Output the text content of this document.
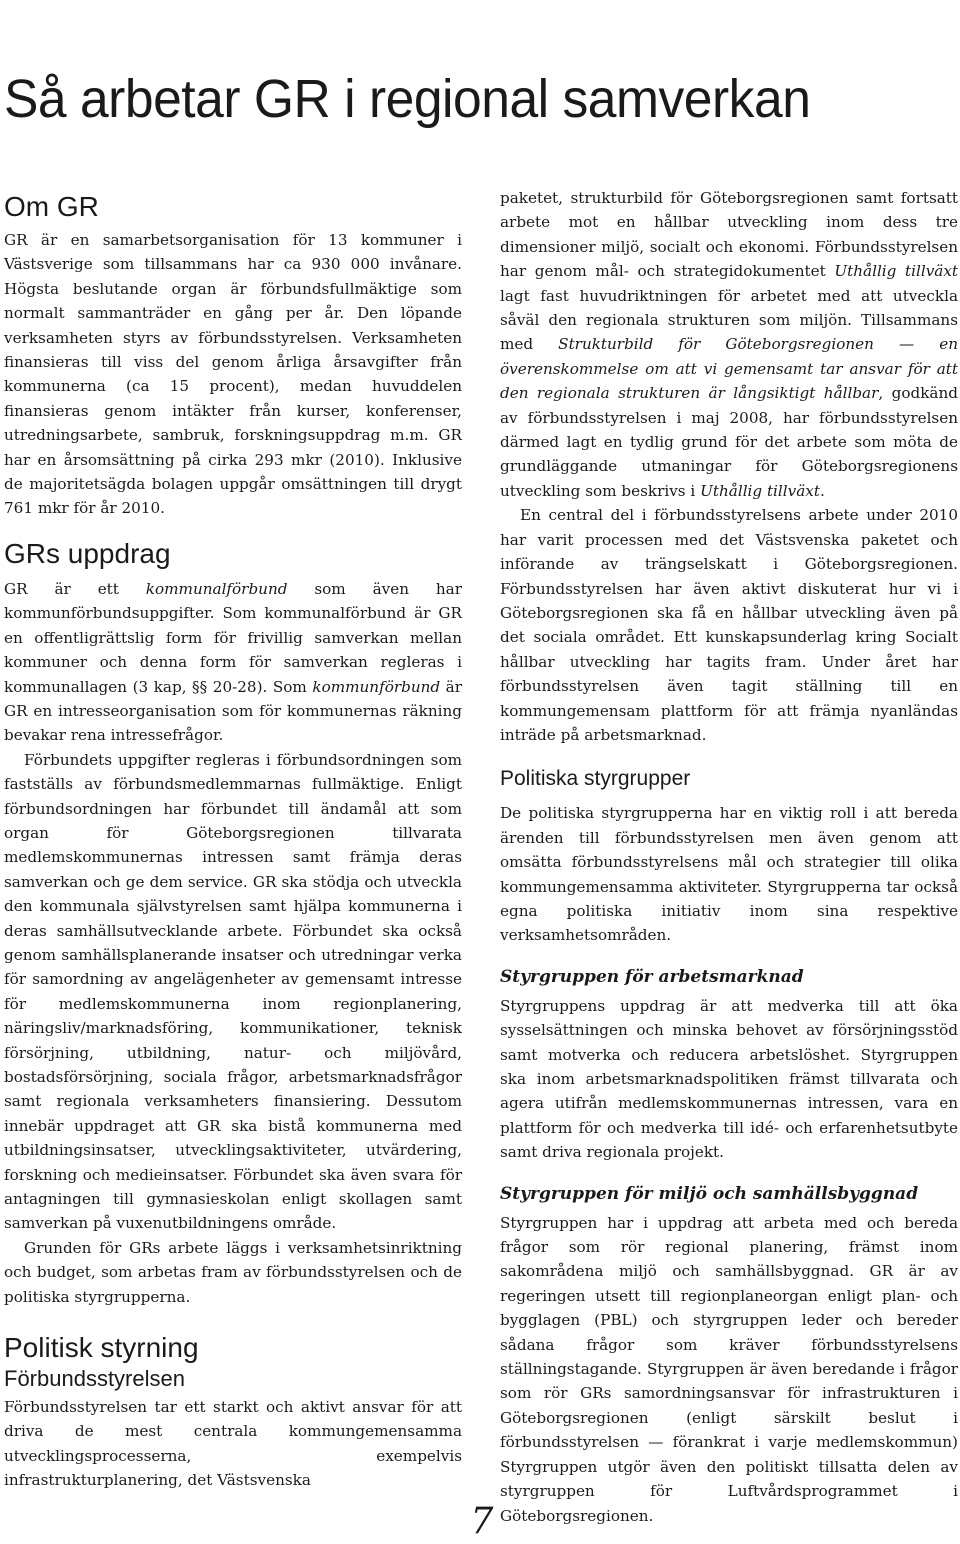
Så arbetar GR i regional samverkan
Om GR

GR är en samarbetsorganisation för 13 kommuner i Västsverige som tillsammans har ca 930 000 invånare. Högsta beslutande organ är förbundsfullmäktige som normalt sammanträder en gång per år. Den löpande verksamheten styrs av förbundsstyrelsen. Verksamheten finansieras till viss del genom årliga årsavgifter från kommunerna (ca 15 procent), medan huvuddelen finansieras genom intäkter från kurser, konferenser, utredningsarbete, sambruk, forskningsuppdrag m.m. GR har en årsomsättning på cirka 293 mkr (2010). Inklusive de majoritetsägda bolagen uppgår omsättningen till drygt 761 mkr för år 2010.

GRs uppdrag

GR är ett kommunalförbund som även har kommunförbundsuppgifter. Som kommunalförbund är GR en offentligrättslig form för frivillig samverkan mellan kommuner och denna form för samverkan regleras i kommunallagen (3 kap, §§ 20-28). Som kommunförbund är GR en intresseorganisation som för kommunernas räkning bevakar rena intressefrågor.

Förbundets uppgifter regleras i förbundsordningen som fastställs av förbundsmedlemmarnas fullmäktige. Enligt förbundsordningen har förbundet till ändamål att som organ för Göteborgsregionen tillvarata medlemskommunernas intressen samt främja deras samverkan och ge dem service. GR ska stödja och utveckla den kommunala självstyrelsen samt hjälpa kommunerna i deras samhällsutvecklande arbete. Förbundet ska också genom samhällsplanerande insatser och utredningar verka för samordning av angelägenheter av gemensamt intresse för medlemskommunerna inom regionplanering, näringsliv/marknadsföring, kommunikationer, teknisk försörjning, utbildning, natur- och miljövård, bostadsförsörjning, sociala frågor, arbetsmarknadsfrågor samt regionala verksamheters finansiering. Dessutom innebär uppdraget att GR ska bistå kommunerna med utbildningsinsatser, utvecklingsaktiviteter, utvärdering, forskning och medieinsatser. Förbundet ska även svara för antagningen till gymnasieskolan enligt skollagen samt samverkan på vuxenutbildningens område.

Grunden för GRs arbete läggs i verksamhetsinriktning och budget, som arbetas fram av förbundsstyrelsen och de politiska styrgrupperna.

Politisk styrning
Förbundsstyrelsen

Förbundsstyrelsen tar ett starkt och aktivt ansvar för att driva de mest centrala kommungemensamma utvecklingsprocesserna, exempelvis infrastrukturplanering, det Västsvenska

paketet, strukturbild för Göteborgsregionen samt fortsatt arbete mot en hållbar utveckling inom dess tre dimensioner miljö, socialt och ekonomi. Förbundsstyrelsen har genom mål- och strategidokumentet Uthållig tillväxt lagt fast huvudriktningen för arbetet med att utveckla såväl den regionala strukturen som miljön. Tillsammans med Strukturbild för Göteborgsregionen — en överenskommelse om att vi gemensamt tar ansvar för att den regionala strukturen är långsiktigt hållbar, godkänd av förbundsstyrelsen i maj 2008, har förbundsstyrelsen därmed lagt en tydlig grund för det arbete som möta de grundläggande utmaningar för Göteborgsregionens utveckling som beskrivs i Uthållig tillväxt.

En central del i förbundsstyrelsens arbete under 2010 har varit processen med det Västsvenska paketet och införande av trängselskatt i Göteborgsregionen. Förbundsstyrelsen har även aktivt diskuterat hur vi i Göteborgsregionen ska få en hållbar utveckling även på det sociala området. Ett kunskapsunderlag kring Socialt hållbar utveckling har tagits fram. Under året har förbundsstyrelsen även tagit ställning till en kommungemensam plattform för att främja nyanländas inträde på arbetsmarknad.

Politiska styrgrupper

De politiska styrgrupperna har en viktig roll i att bereda ärenden till förbundsstyrelsen men även genom att omsätta förbundsstyrelsens mål och strategier till olika kommungemensamma aktiviteter. Styrgrupperna tar också egna politiska initiativ inom sina respektive verksamhetsområden.

Styrgruppen för arbetsmarknad

Styrgruppens uppdrag är att medverka till att öka sysselsättningen och minska behovet av försörjningsstöd samt motverka och reducera arbetslöshet. Styrgruppen ska inom arbetsmarknadspolitiken främst tillvarata och agera utifrån medlemskommunernas intressen, vara en plattform för och medverka till idé- och erfarenhetsutbyte samt driva regionala projekt.

Styrgruppen för miljö och samhällsbyggnad

Styrgruppen har i uppdrag att arbeta med och bereda frågor som rör regional planering, främst inom sakområdena miljö och samhällsbyggnad. GR är av regeringen utsett till regionplaneorgan enligt plan- och bygglagen (PBL) och styrgruppen leder och bereder sådana frågor som kräver förbundsstyrelsens ställningstagande. Styrgruppen är även beredande i frågor som rör GRs samordningsansvar för infrastrukturen i Göteborgsregionen (enligt särskilt beslut i förbundsstyrelsen — förankrat i varje medlemskommun) Styrgruppen utgör även den politiskt tillsatta delen av styrgruppen för Luftvårdsprogrammet i Göteborgsregionen.

7
